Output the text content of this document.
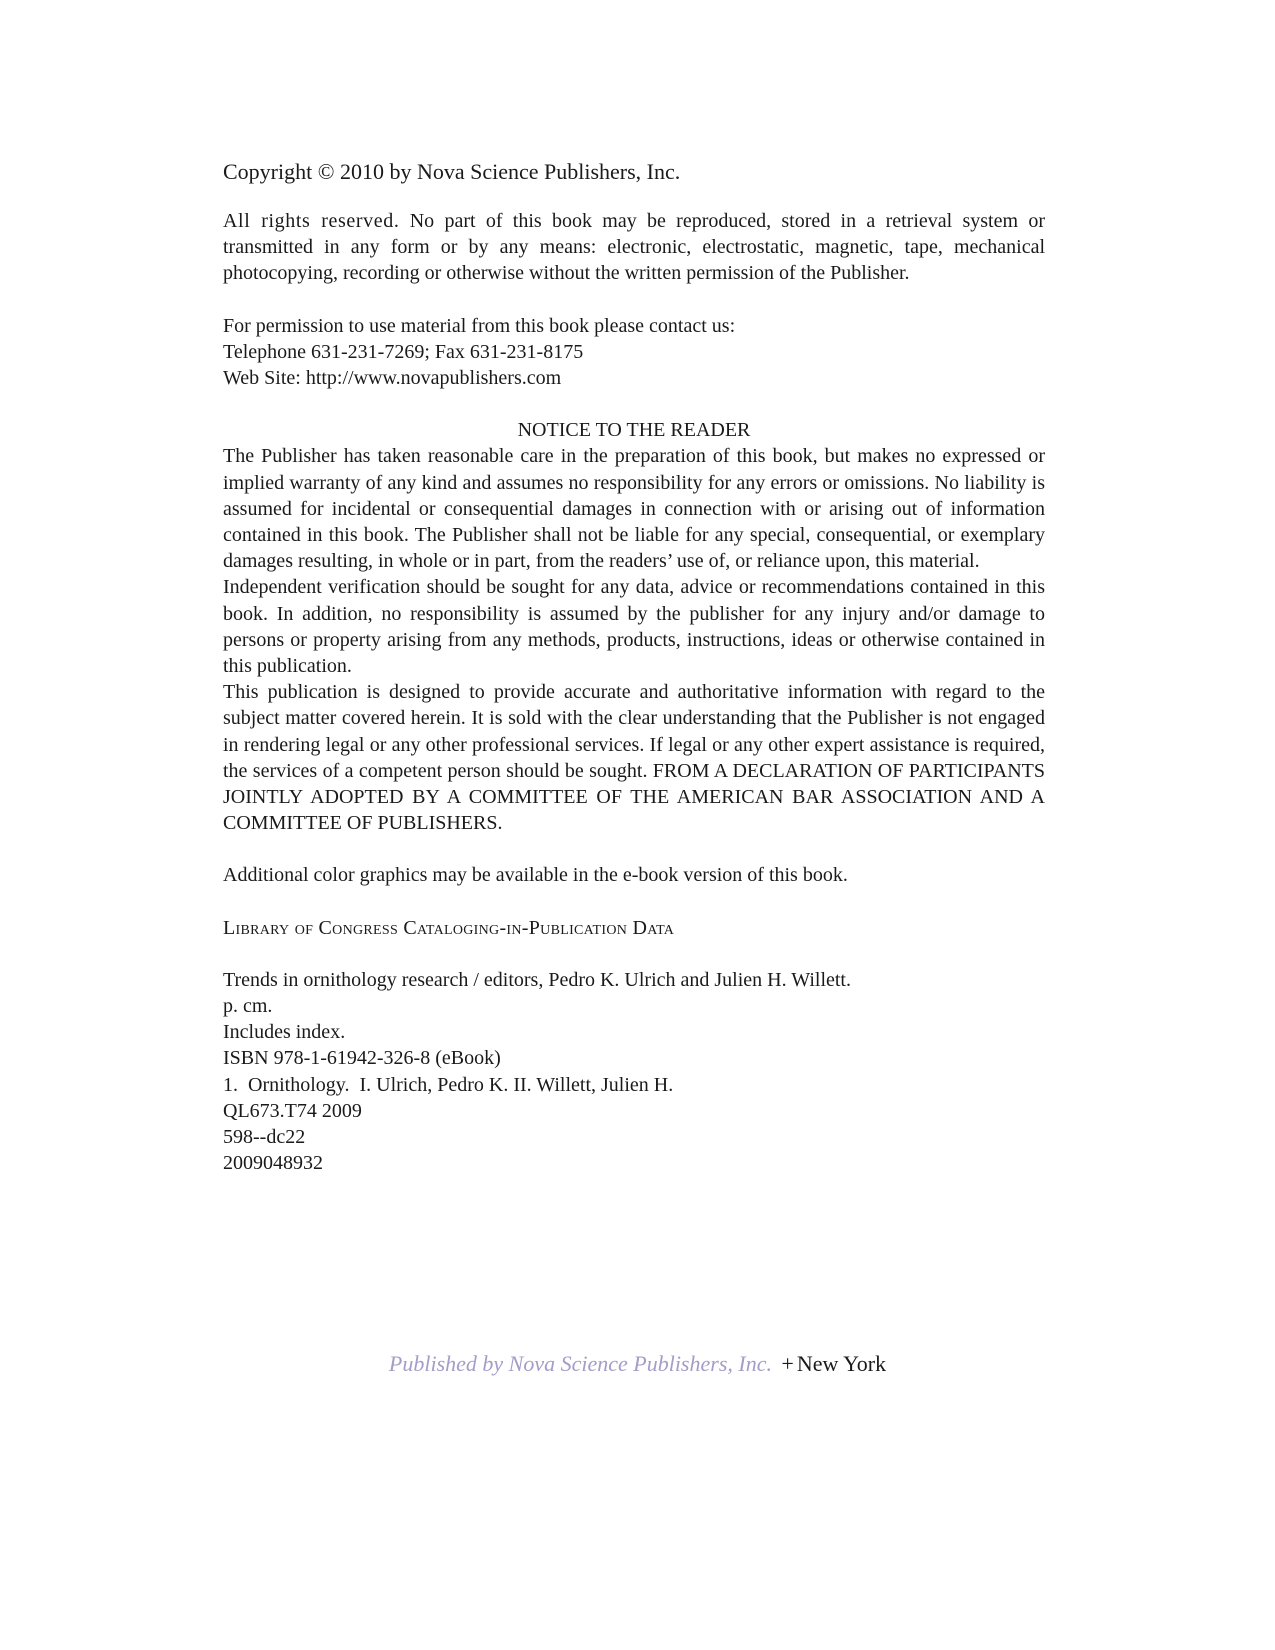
Copyright © 2010 by Nova Science Publishers, Inc.

All rights reserved. No part of this book may be reproduced, stored in a retrieval system or transmitted in any form or by any means: electronic, electrostatic, magnetic, tape, mechanical photocopying, recording or otherwise without the written permission of the Publisher.

For permission to use material from this book please contact us:

Telephone 631-231-7269; Fax 631-231-8175

Web Site: http://www.novapublishers.com

NOTICE TO THE READER

The Publisher has taken reasonable care in the preparation of this book, but makes no expressed or implied warranty of any kind and assumes no responsibility for any errors or omissions. No liability is assumed for incidental or consequential damages in connection with or arising out of information contained in this book. The Publisher shall not be liable for any special, consequential, or exemplary damages resulting, in whole or in part, from the readers’ use of, or reliance upon, this material.

Independent verification should be sought for any data, advice or recommendations contained in this book. In addition, no responsibility is assumed by the publisher for any injury and/or damage to persons or property arising from any methods, products, instructions, ideas or otherwise contained in this publication.

This publication is designed to provide accurate and authoritative information with regard to the subject matter covered herein. It is sold with the clear understanding that the Publisher is not engaged in rendering legal or any other professional services. If legal or any other expert assistance is required, the services of a competent person should be sought. FROM A DECLARATION OF PARTICIPANTS JOINTLY ADOPTED BY A COMMITTEE OF THE AMERICAN BAR ASSOCIATION AND A COMMITTEE OF PUBLISHERS.

Additional color graphics may be available in the e-book version of this book.

Library of Congress Cataloging-in-Publication Data

Trends in ornithology research / editors, Pedro K. Ulrich and Julien H. Willett.
p. cm.
Includes index.
ISBN 978-1-61942-326-8 (eBook)
1.  Ornithology.  I. Ulrich, Pedro K. II. Willett, Julien H.
QL673.T74 2009
598--dc22
2009048932
Published by Nova Science Publishers, Inc. +New York
